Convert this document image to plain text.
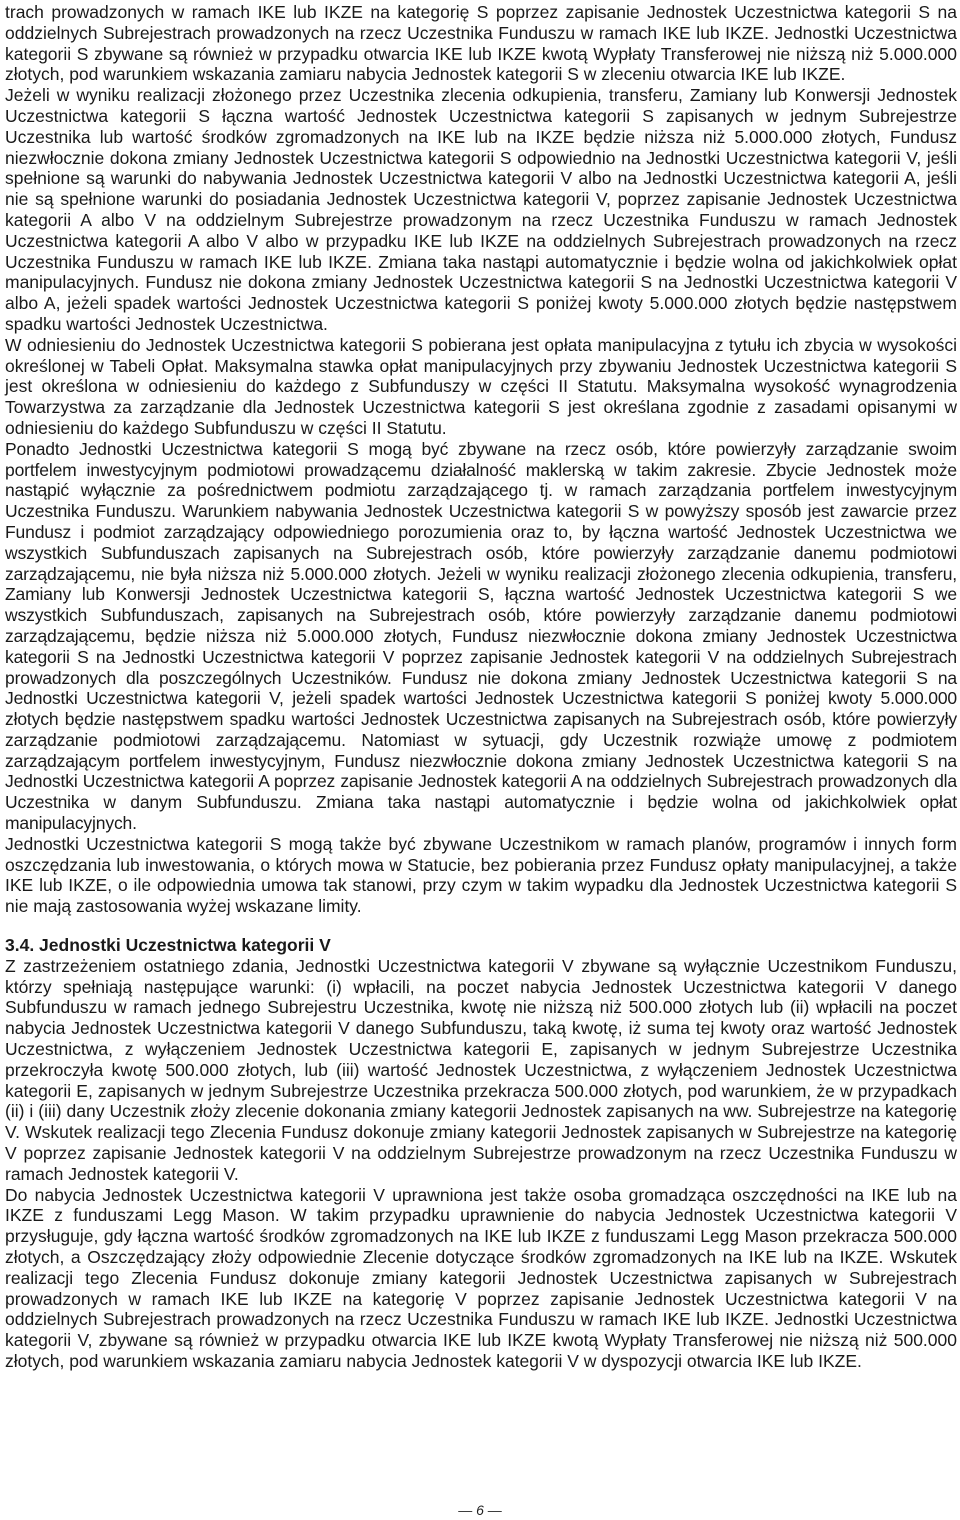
trach prowadzonych w ramach IKE lub IKZE na kategorię S poprzez zapisanie Jednostek Uczestnictwa kategorii S na oddzielnych Subrejestrach prowadzonych na rzecz Uczestnika Funduszu w ramach IKE lub IKZE. Jednostki Uczestnictwa kategorii S zbywane są również w przypadku otwarcia IKE lub IKZE kwotą Wypłaty Transferowej nie niższą niż 5.000.000 złotych, pod warunkiem wskazania zamiaru nabycia Jednostek kategorii S w zleceniu otwarcia IKE lub IKZE.

Jeżeli w wyniku realizacji złożonego przez Uczestnika zlecenia odkupienia, transferu, Zamiany lub Konwersji Jednostek Uczestnictwa kategorii S łączna wartość Jednostek Uczestnictwa kategorii S zapisanych w jednym Subrejestrze Uczestnika lub wartość środków zgromadzonych na IKE lub na IKZE będzie niższa niż 5.000.000 złotych, Fundusz niezwłocznie dokona zmiany Jednostek Uczestnictwa kategorii S odpowiednio na Jednostki Uczestnictwa kategorii V, jeśli spełnione są warunki do nabywania Jednostek Uczestnictwa kategorii V albo na Jednostki Uczestnictwa kategorii A, jeśli nie są spełnione warunki do posiadania Jednostek Uczestnictwa kategorii V, poprzez zapisanie Jednostek Uczestnictwa kategorii A albo V na oddzielnym Subrejestrze prowadzonym na rzecz Uczestnika Funduszu w ramach Jednostek Uczestnictwa kategorii A albo V albo w przypadku IKE lub IKZE na oddzielnych Subrejestrach prowadzonych na rzecz Uczestnika Funduszu w ramach IKE lub IKZE. Zmiana taka nastąpi automatycznie i będzie wolna od jakichkolwiek opłat manipulacyjnych. Fundusz nie dokona zmiany Jednostek Uczestnictwa kategorii S na Jednostki Uczestnictwa kategorii V albo A, jeżeli spadek wartości Jednostek Uczestnictwa kategorii S poniżej kwoty 5.000.000 złotych będzie następstwem spadku wartości Jednostek Uczestnictwa.

W odniesieniu do Jednostek Uczestnictwa kategorii S pobierana jest opłata manipulacyjna z tytułu ich zbycia w wysokości określonej w Tabeli Opłat. Maksymalna stawka opłat manipulacyjnych przy zbywaniu Jednostek Uczestnictwa kategorii S jest określona w odniesieniu do każdego z Subfunduszy w części II Statutu. Maksymalna wysokość wynagrodzenia Towarzystwa za zarządzanie dla Jednostek Uczestnictwa kategorii S jest określana zgodnie z zasadami opisanymi w odniesieniu do każdego Subfunduszu w części II Statutu.

Ponadto Jednostki Uczestnictwa kategorii S mogą być zbywane na rzecz osób, które powierzyły zarządzanie swoim portfelem inwestycyjnym podmiotowi prowadzącemu działalność maklerską w takim zakresie. Zbycie Jednostek może nastąpić wyłącznie za pośrednictwem podmiotu zarządzającego tj. w ramach zarządzania portfelem inwestycyjnym Uczestnika Funduszu. Warunkiem nabywania Jednostek Uczestnictwa kategorii S w powyższy sposób jest zawarcie przez Fundusz i podmiot zarządzający odpowiedniego porozumienia oraz to, by łączna wartość Jednostek Uczestnictwa we wszystkich Subfunduszach zapisanych na Subrejestrach osób, które powierzyły zarządzanie danemu podmiotowi zarządzającemu, nie była niższa niż 5.000.000 złotych. Jeżeli w wyniku realizacji złożonego zlecenia odkupienia, transferu, Zamiany lub Konwersji Jednostek Uczestnictwa kategorii S, łączna wartość Jednostek Uczestnictwa kategorii S we wszystkich Subfunduszach, zapisanych na Subrejestrach osób, które powierzyły zarządzanie danemu podmiotowi zarządzającemu, będzie niższa niż 5.000.000 złotych, Fundusz niezwłocznie dokona zmiany Jednostek Uczestnictwa kategorii S na Jednostki Uczestnictwa kategorii V poprzez zapisanie Jednostek kategorii V na oddzielnych Subrejestrach prowadzonych dla poszczególnych Uczestników. Fundusz nie dokona zmiany Jednostek Uczestnictwa kategorii S na Jednostki Uczestnictwa kategorii V, jeżeli spadek wartości Jednostek Uczestnictwa kategorii S poniżej kwoty 5.000.000 złotych będzie następstwem spadku wartości Jednostek Uczestnictwa zapisanych na Subrejestrach osób, które powierzyły zarządzanie podmiotowi zarządzającemu. Natomiast w sytuacji, gdy Uczestnik rozwiąże umowę z podmiotem zarządzającym portfelem inwestycyjnym, Fundusz niezwłocznie dokona zmiany Jednostek Uczestnictwa kategorii S na Jednostki Uczestnictwa kategorii A poprzez zapisanie Jednostek kategorii A na oddzielnych Subrejestrach prowadzonych dla Uczestnika w danym Subfunduszu. Zmiana taka nastąpi automatycznie i będzie wolna od jakichkolwiek opłat manipulacyjnych.

Jednostki Uczestnictwa kategorii S mogą także być zbywane Uczestnikom w ramach planów, programów i innych form oszczędzania lub inwestowania, o których mowa w Statucie, bez pobierania przez Fundusz opłaty manipulacyjnej, a także IKE lub IKZE, o ile odpowiednia umowa tak stanowi, przy czym w takim wypadku dla Jednostek Uczestnictwa kategorii S nie mają zastosowania wyżej wskazane limity.

3.4. Jednostki Uczestnictwa kategorii V

Z zastrzeżeniem ostatniego zdania, Jednostki Uczestnictwa kategorii V zbywane są wyłącznie Uczestnikom Funduszu, którzy spełniają następujące warunki: (i) wpłacili, na poczet nabycia Jednostek Uczestnictwa kategorii V danego Subfunduszu w ramach jednego Subrejestru Uczestnika, kwotę nie niższą niż 500.000 złotych lub (ii) wpłacili na poczet nabycia Jednostek Uczestnictwa kategorii V danego Subfunduszu, taką kwotę, iż suma tej kwoty oraz wartość Jednostek Uczestnictwa, z wyłączeniem Jednostek Uczestnictwa kategorii E, zapisanych w jednym Subrejestrze Uczestnika przekroczyła kwotę 500.000 złotych, lub (iii) wartość Jednostek Uczestnictwa, z wyłączeniem Jednostek Uczestnictwa kategorii E, zapisanych w jednym Subrejestrze Uczestnika przekracza 500.000 złotych, pod warunkiem, że w przypadkach (ii) i (iii) dany Uczestnik złoży zlecenie dokonania zmiany kategorii Jednostek zapisanych na ww. Subrejestrze na kategorię V. Wskutek realizacji tego Zlecenia Fundusz dokonuje zmiany kategorii Jednostek zapisanych w Subrejestrze na kategorię V poprzez zapisanie Jednostek kategorii V na oddzielnym Subrejestrze prowadzonym na rzecz Uczestnika Funduszu w ramach Jednostek kategorii V.

Do nabycia Jednostek Uczestnictwa kategorii V uprawniona jest także osoba gromadząca oszczędności na IKE lub na IKZE z funduszami Legg Mason. W takim przypadku uprawnienie do nabycia Jednostek Uczestnictwa kategorii V przysługuje, gdy łączna wartość środków zgromadzonych na IKE lub IKZE z funduszami Legg Mason przekracza 500.000 złotych, a Oszczędzający złoży odpowiednie Zlecenie dotyczące środków zgromadzonych na IKE lub na IKZE. Wskutek realizacji tego Zlecenia Fundusz dokonuje zmiany kategorii Jednostek Uczestnictwa zapisanych w Subrejestrach prowadzonych w ramach IKE lub IKZE na kategorię V poprzez zapisanie Jednostek Uczestnictwa kategorii V na oddzielnych Subrejestrach prowadzonych na rzecz Uczestnika Funduszu w ramach IKE lub IKZE. Jednostki Uczestnictwa kategorii V, zbywane są również w przypadku otwarcia IKE lub IKZE kwotą Wypłaty Transferowej nie niższą niż 500.000 złotych, pod warunkiem wskazania zamiaru nabycia Jednostek kategorii V w dyspozycji otwarcia IKE lub IKZE.

— 6 —
